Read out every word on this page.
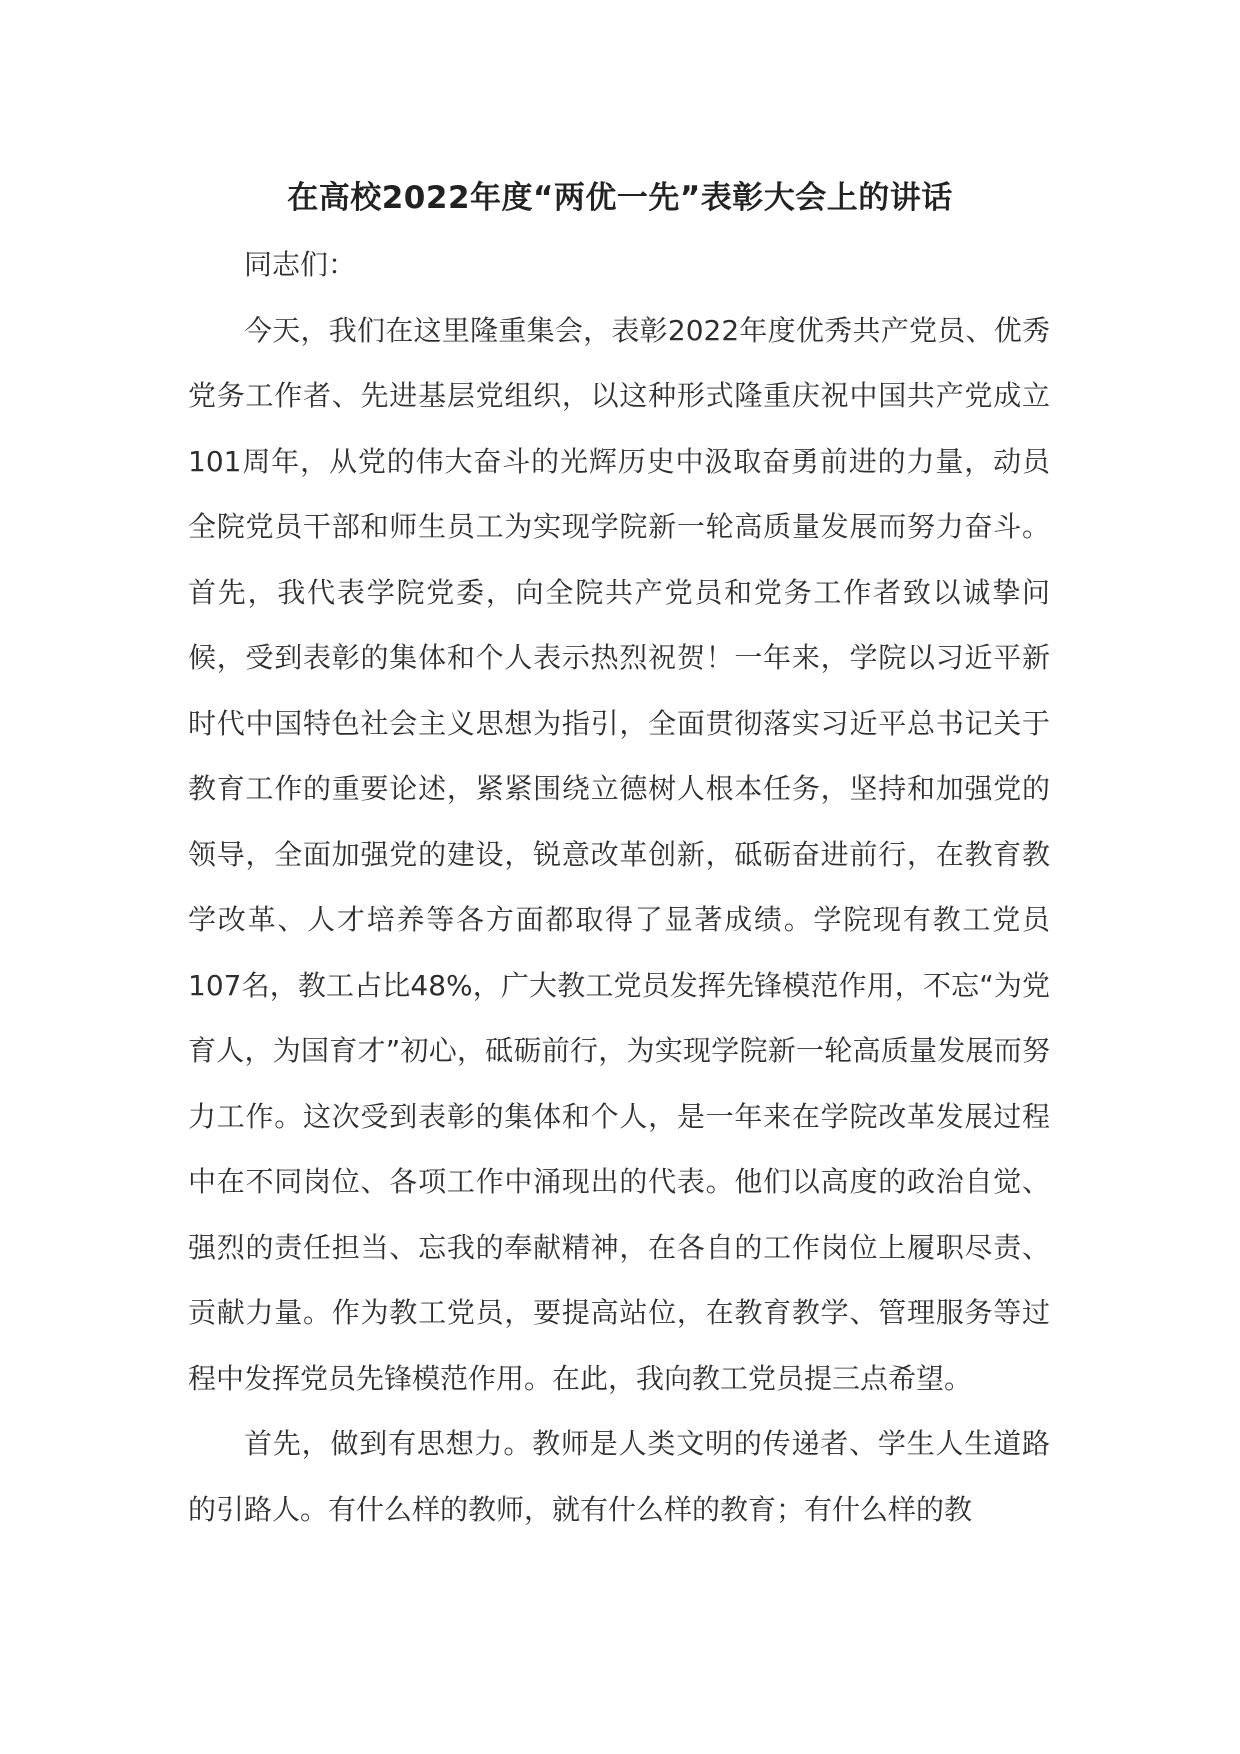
在高校2022年度“两优一先”表彰大会上的讲话

同志们：

今天，我们在这里隆重集会，表彰2022年度优秀共产党员、优秀党务工作者、先进基层党组织，以这种形式隆重庆祝中国共产党成立101周年，从党的伟大奋斗的光辉历史中汲取奋勇前进的力量，动员全院党员干部和师生员工为实现学院新一轮高质量发展而努力奋斗。首先，我代表学院党委，向全院共产党员和党务工作者致以诚挚问候，受到表彰的集体和个人表示热烈祝贺！一年来，学院以习近平新时代中国特色社会主义思想为指引，全面贯彻落实习近平总书记关于教育工作的重要论述，紧紧围绕立德树人根本任务，坚持和加强党的领导，全面加强党的建设，锐意改革创新，砥砺奋进前行，在教育教学改革、人才培养等各方面都取得了显著成绩。学院现有教工党员107名，教工占比48%，广大教工党员发挥先锋模范作用，不忘“为党育人，为国育才”初心，砥砺前行，为实现学院新一轮高质量发展而努力工作。这次受到表彰的集体和个人，是一年来在学院改革发展过程中在不同岗位、各项工作中涌现出的代表。他们以高度的政治自觉、强烈的责任担当、忘我的奉献精神，在各自的工作岗位上履职尽责、贡献力量。作为教工党员，要提高站位，在教育教学、管理服务等过程中发挥党员先锋模范作用。在此，我向教工党员提三点希望。

首先，做到有思想力。教师是人类文明的传递者、学生人生道路的引路人。有什么样的教师，就有什么样的教育；有什么样的教
